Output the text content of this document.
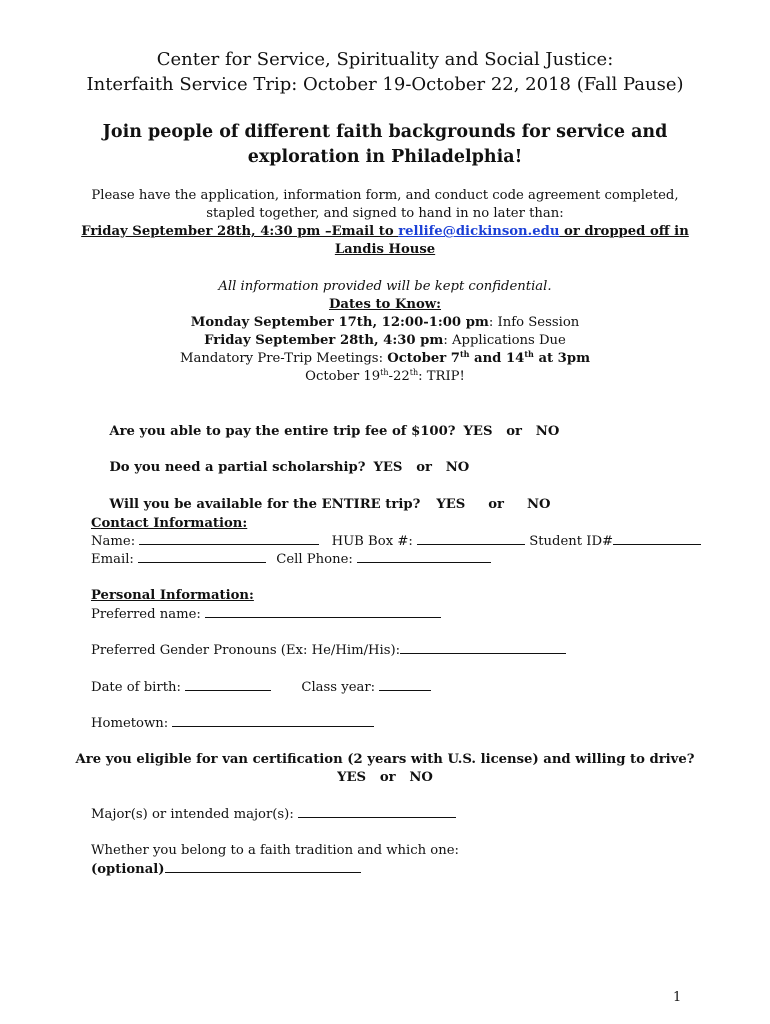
Center for Service, Spirituality and Social Justice:
Interfaith Service Trip: October 19-October 22, 2018 (Fall Pause)
Join people of different faith backgrounds for service and
exploration in Philadelphia!
Please have the application, information form, and conduct code agreement completed,
stapled together, and signed to hand in no later than:
Friday September 28th, 4:30 pm –Email to rellife@dickinson.edu or dropped off in
Landis House
All information provided will be kept confidential.
Dates to Know:
Monday September 17th, 12:00-1:00 pm: Info Session
Friday September 28th, 4:30 pm: Applications Due
Mandatory Pre-Trip Meetings: October 7th and 14th at 3pm
October 19th-22th: TRIP!

Are you able to pay the entire trip fee of $100? YES   or   NO

Do you need a partial scholarship? YES   or   NO

Will you be available for the ENTIRE trip? YES     or     NO

Contact Information:
Name:	HUB Box #:	Student ID#
Email:	Cell Phone:
Personal Information:
Preferred name:
Preferred Gender Pronouns (Ex: He/Him/His):
Date of birth:	Class year:
Hometown:
Are you eligible for van certification (2 years with U.S. license) and willing to drive?
YES   or   NO
Major(s) or intended major(s):
Whether you belong to a faith tradition and which one:
(optional)
1
